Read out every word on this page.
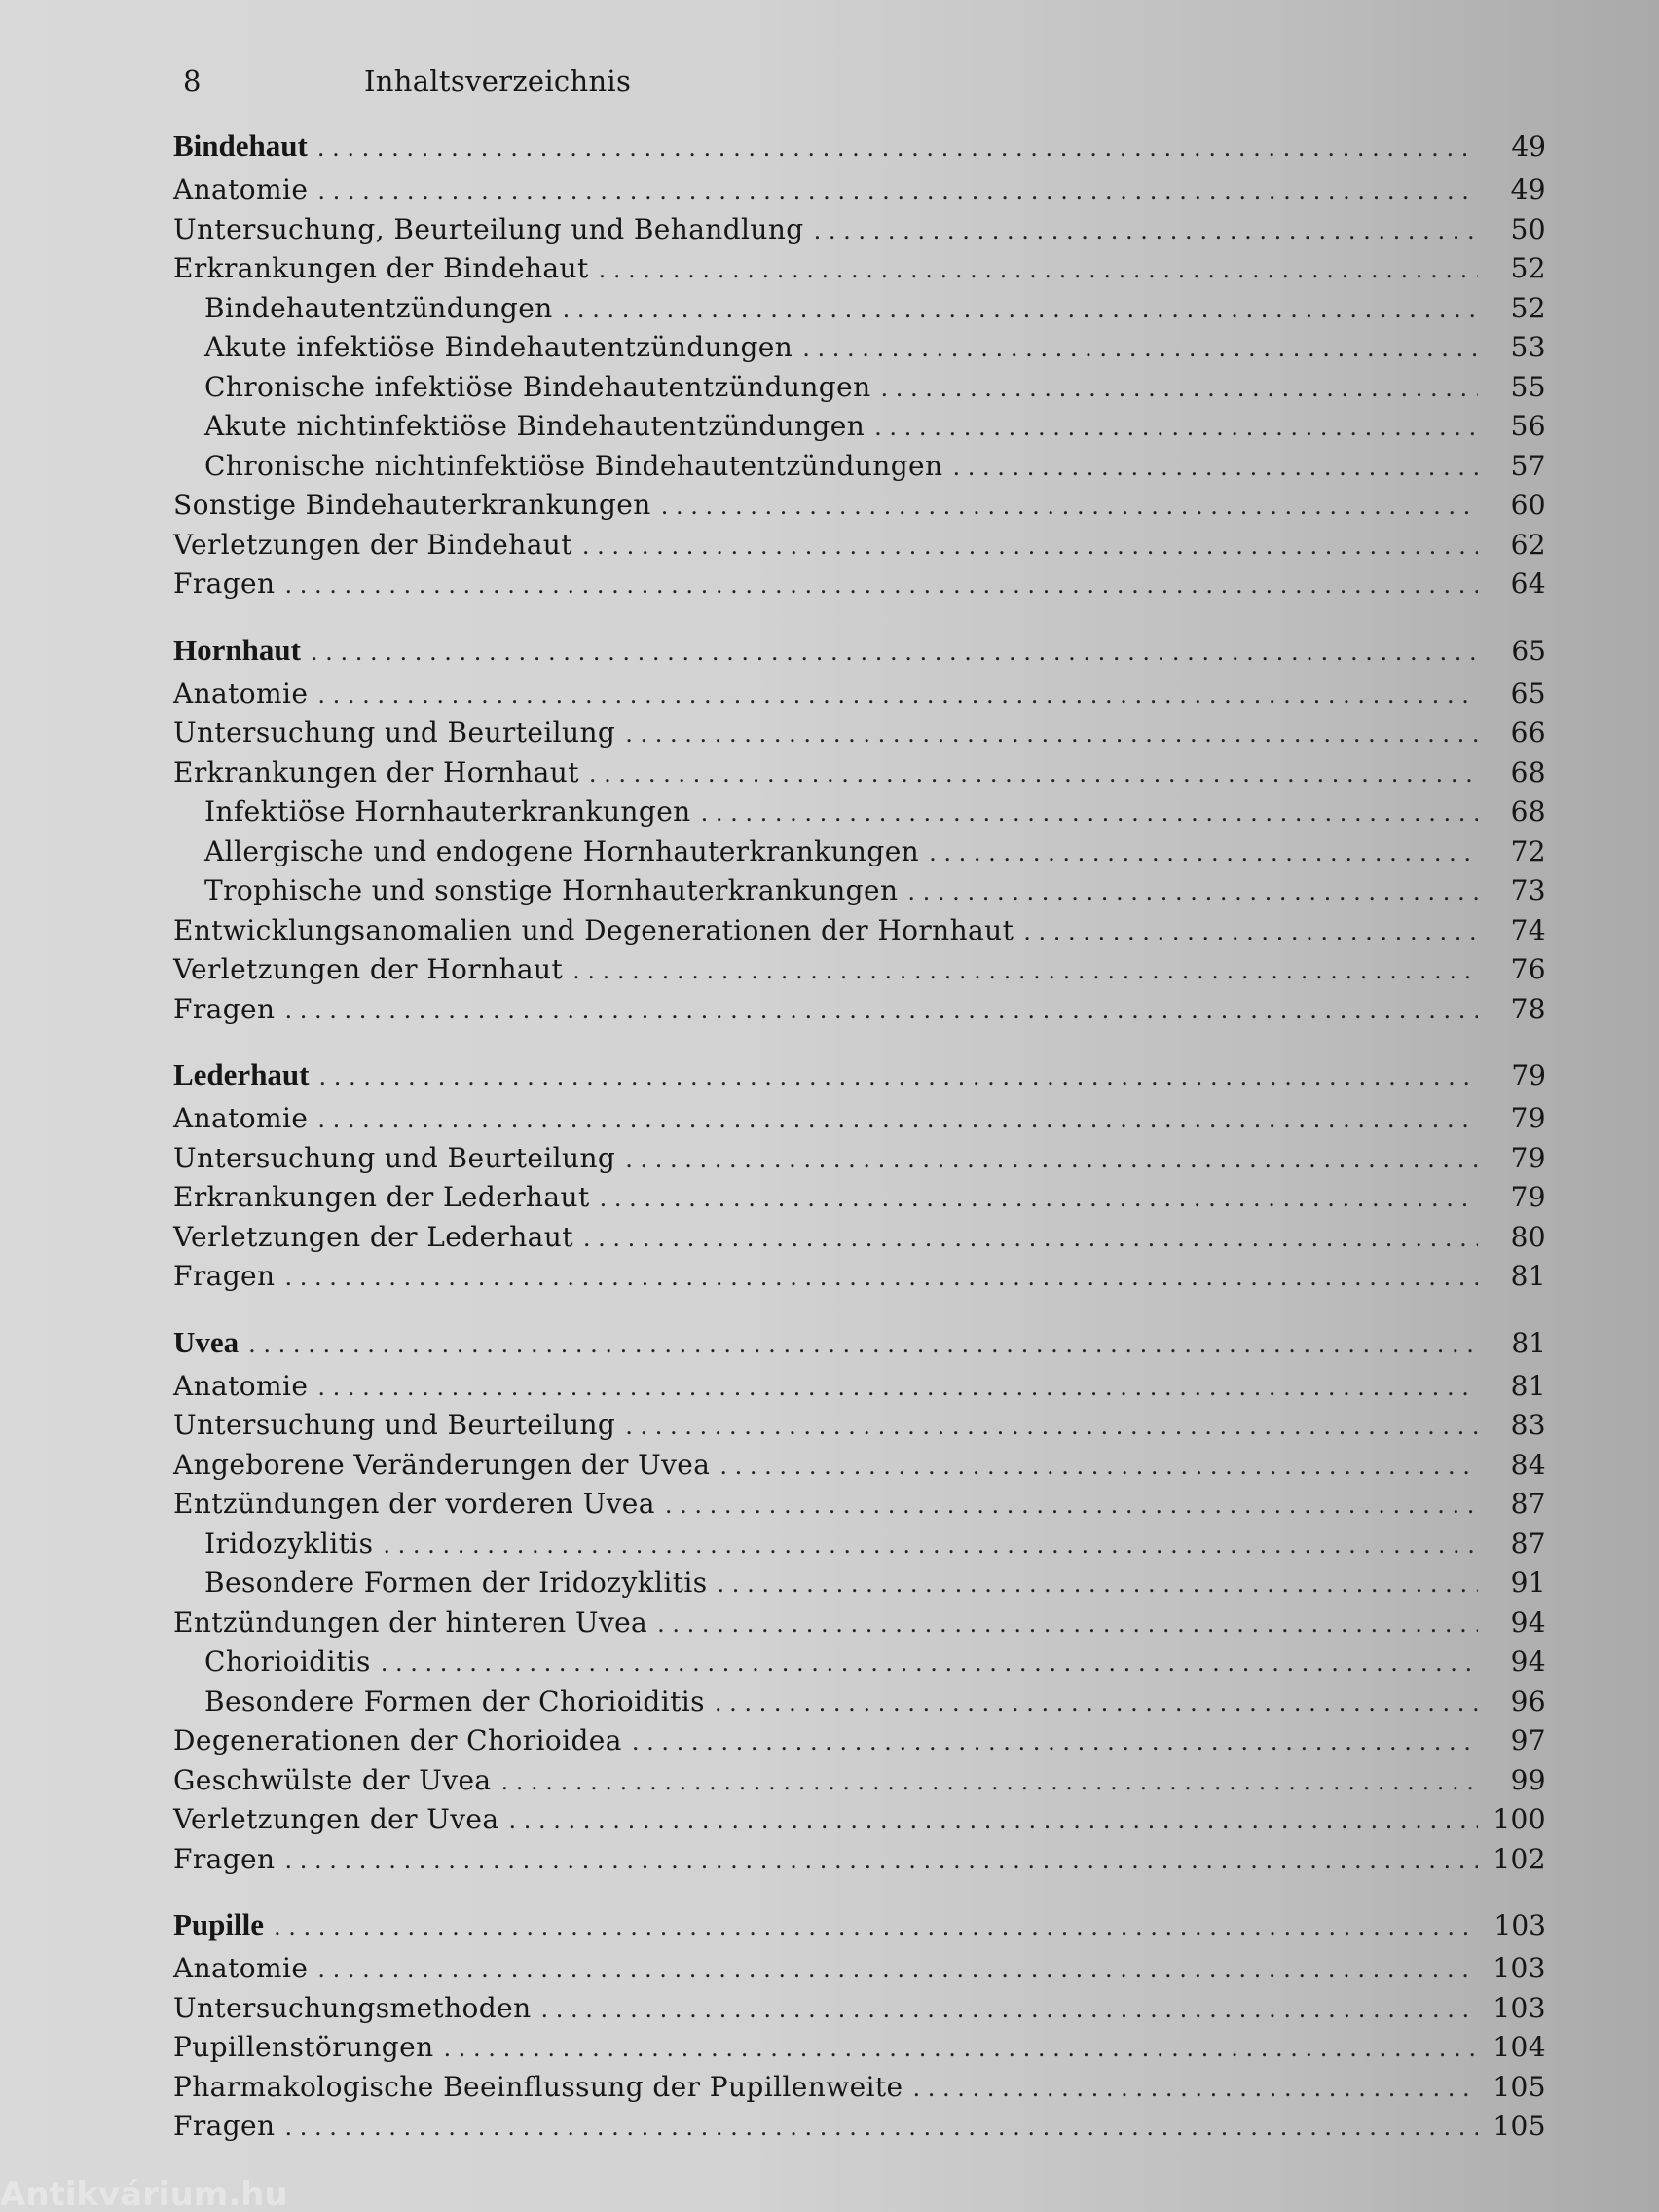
8	Inhaltsverzeichnis
Bindehaut . . .	49
Anatomie . . .	49
Untersuchung, Beurteilung und Behandlung . . .	50
Erkrankungen der Bindehaut . . .	52
Bindehautentzündungen . . .	52
Akute infektiöse Bindehautentzündungen . . .	53
Chronische infektiöse Bindehautentzündungen . . .	55
Akute nichtinfektiöse Bindehautentzündungen . . .	56
Chronische nichtinfektiöse Bindehautentzündungen . . .	57
Sonstige Bindehauterkrankungen . . .	60
Verletzungen der Bindehaut . . .	62
Fragen . . .	64
Hornhaut . . .	65
Anatomie . . .	65
Untersuchung und Beurteilung . . .	66
Erkrankungen der Hornhaut . . .	68
Infektiöse Hornhauterkrankungen . . .	68
Allergische und endogene Hornhauterkrankungen . . .	72
Trophische und sonstige Hornhauterkrankungen . . .	73
Entwicklungsanomalien und Degenerationen der Hornhaut . . .	74
Verletzungen der Hornhaut . . .	76
Fragen . . .	78
Lederhaut . . .	79
Anatomie . . .	79
Untersuchung und Beurteilung . . .	79
Erkrankungen der Lederhaut . . .	79
Verletzungen der Lederhaut . . .	80
Fragen . . .	81
Uvea . . .	81
Anatomie . . .	81
Untersuchung und Beurteilung . . .	83
Angeborene Veränderungen der Uvea . . .	84
Entzündungen der vorderen Uvea . . .	87
Iridozyklitis . . .	87
Besondere Formen der Iridozyklitis . . .	91
Entzündungen der hinteren Uvea . . .	94
Chorioiditis . . .	94
Besondere Formen der Chorioiditis . . .	96
Degenerationen der Chorioidea . . .	97
Geschwülste der Uvea . . .	99
Verletzungen der Uvea . . .	100
Fragen . . .	102
Pupille . . .	103
Anatomie . . .	103
Untersuchungsmethoden . . .	103
Pupillenstörungen . . .	104
Pharmakologische Beeinflussung der Pupillenweite . . .	105
Fragen . . .	105
Antikvárium.hu
